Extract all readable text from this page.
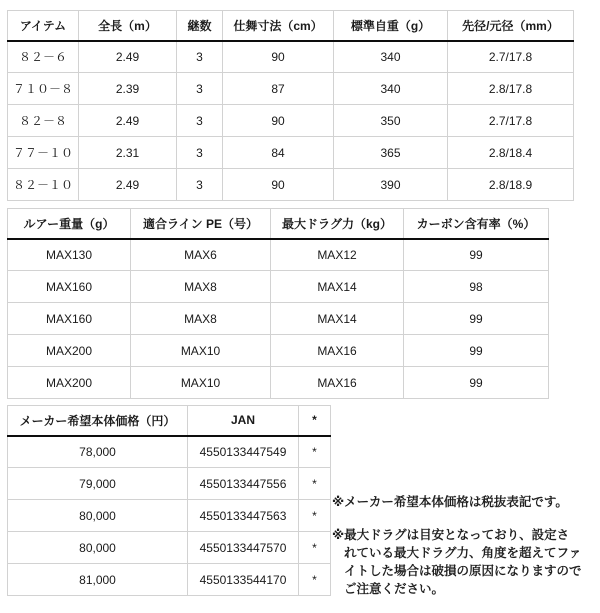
アイテム	全長（m）	継数	仕舞寸法（cm）	標準自重（g）	先径/元径（mm）
８２－６	2.49	3	90	340	2.7/17.8
７１０－８	2.39	3	87	340	2.8/17.8
８２－８	2.49	3	90	350	2.7/17.8
７７－１０	2.31	3	84	365	2.8/18.4
８２－１０	2.49	3	90	390	2.8/18.9
ルアー重量（g）	適合ライン PE（号）	最大ドラグ力（kg）	カーボン含有率（%）
MAX130	MAX6	MAX12	99
MAX160	MAX8	MAX14	98
MAX160	MAX8	MAX14	99
MAX200	MAX10	MAX16	99
MAX200	MAX10	MAX16	99
メーカー希望本体価格（円）	JAN	*
78,000	4550133447549	*
79,000	4550133447556	*
80,000	4550133447563	*
80,000	4550133447570	*
81,000	4550133544170	*
※メーカー希望本体価格は税抜表記です。
※最大ドラグは目安となっており、設定さ
れている最大ドラグ力、角度を超えてファ
イトした場合は破損の原因になりますので
ご注意ください。
